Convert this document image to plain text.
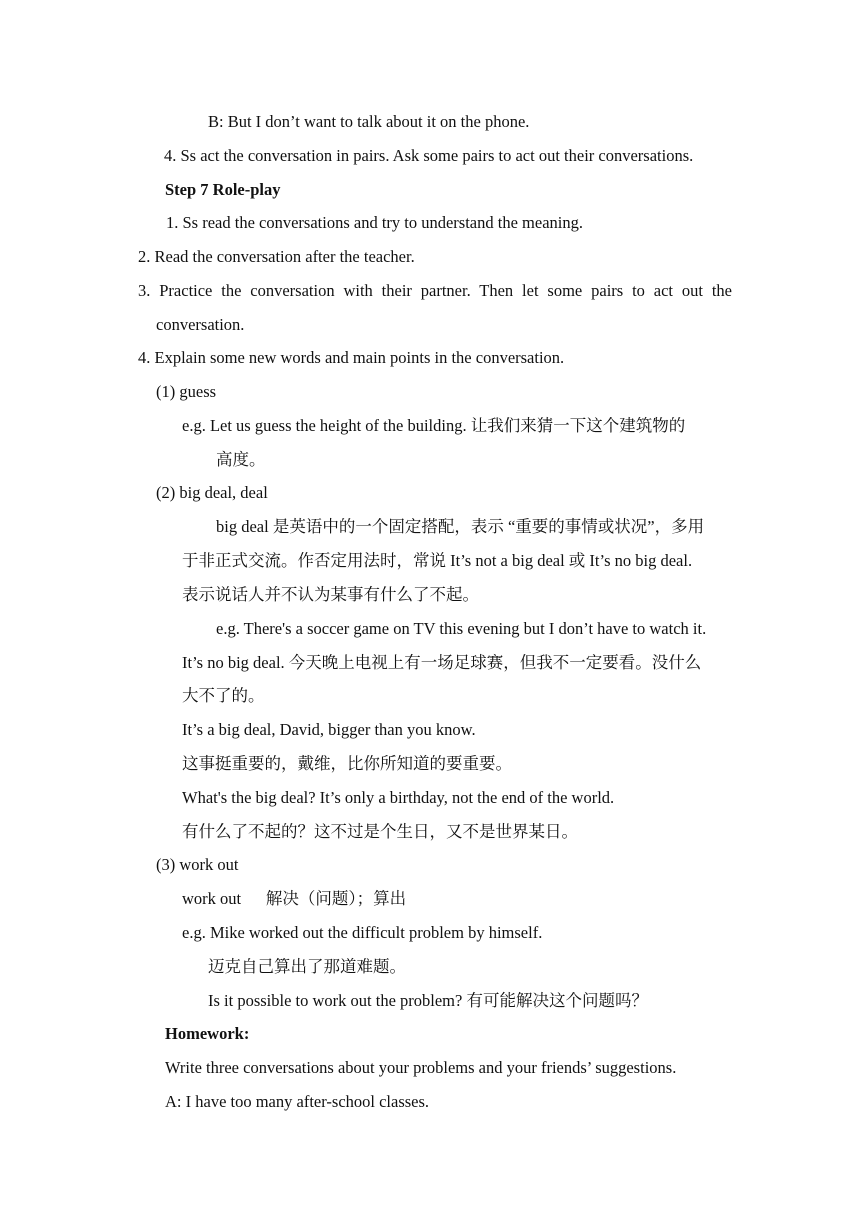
B: But I don’t want to talk about it on the phone.
4. Ss act the conversation in pairs. Ask some pairs to act out their conversations.
Step 7 Role-play
1. Ss read the conversations and try to understand the meaning.
2. Read the conversation after the teacher.
3. Practice the conversation with their partner. Then let some pairs to act out the
conversation.
4. Explain some new words and main points in the conversation.
(1) guess
e.g. Let us guess the height of the building. 让我们来猜一下这个建筑物的
高度。
(2) big deal, deal
big deal 是英语中的一个固定搭配，表示 “重要的事情或状况”，多用
于非正式交流。作否定用法时，常说 It’s not a big deal 或 It’s no big deal.
表示说话人并不认为某事有什么了不起。
e.g. There's a soccer game on TV this evening but I don’t have to watch it.
It’s no big deal. 今天晚上电视上有一场足球赛，但我不一定要看。没什么
大不了的。
It’s a big deal, David, bigger than you know.
这事挺重要的，戴维，比你所知道的要重要。
What's the big deal? It’s only a birthday, not the end of the world.
有什么了不起的？这不过是个生日，又不是世界某日。
(3) work out
work out      解决（问题）；算出
e.g. Mike worked out the difficult problem by himself.
迈克自己算出了那道难题。
Is it possible to work out the problem? 有可能解决这个问题吗？
Homework:
Write three conversations about your problems and your friends’ suggestions.
A: I have too many after-school classes.
